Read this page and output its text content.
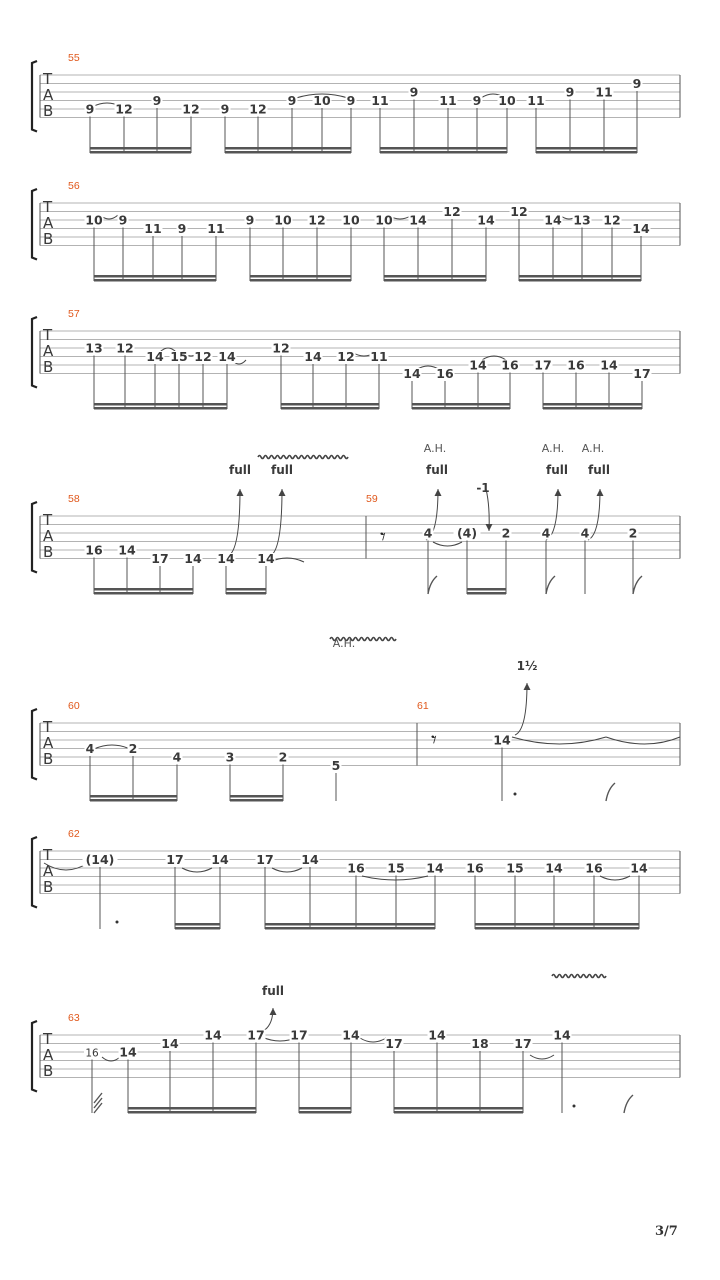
T
A
B
T
A
B
T
A
B
T
A
B
T
A
B
T
A
B
T
A
B
55
56
57
58	59
60	61
62
63
full full
𝄾
full
A.H.
-1
full
A.H.
full
A.H.
A.H.
𝄾
1½
full
9 12
9
12 9 12
9 10 9 11
9
11 9 10 11
9 11
9
10 9
11 9 11
9 10 12 10 10 14
12
14
12
14 13 12
14
13 12
14 15 12 14
12
14 12 11
14 16
14 16 17 16 14
17
16 14
17 14 14 14
4 (4) 2	4 4	2
4	2
4	3	2
5
14
(14)	17 14 17 14
16 15 14 16 15 14 16 14
16 14
14
14 17 17	14
17
14
18 17
14
3/7
